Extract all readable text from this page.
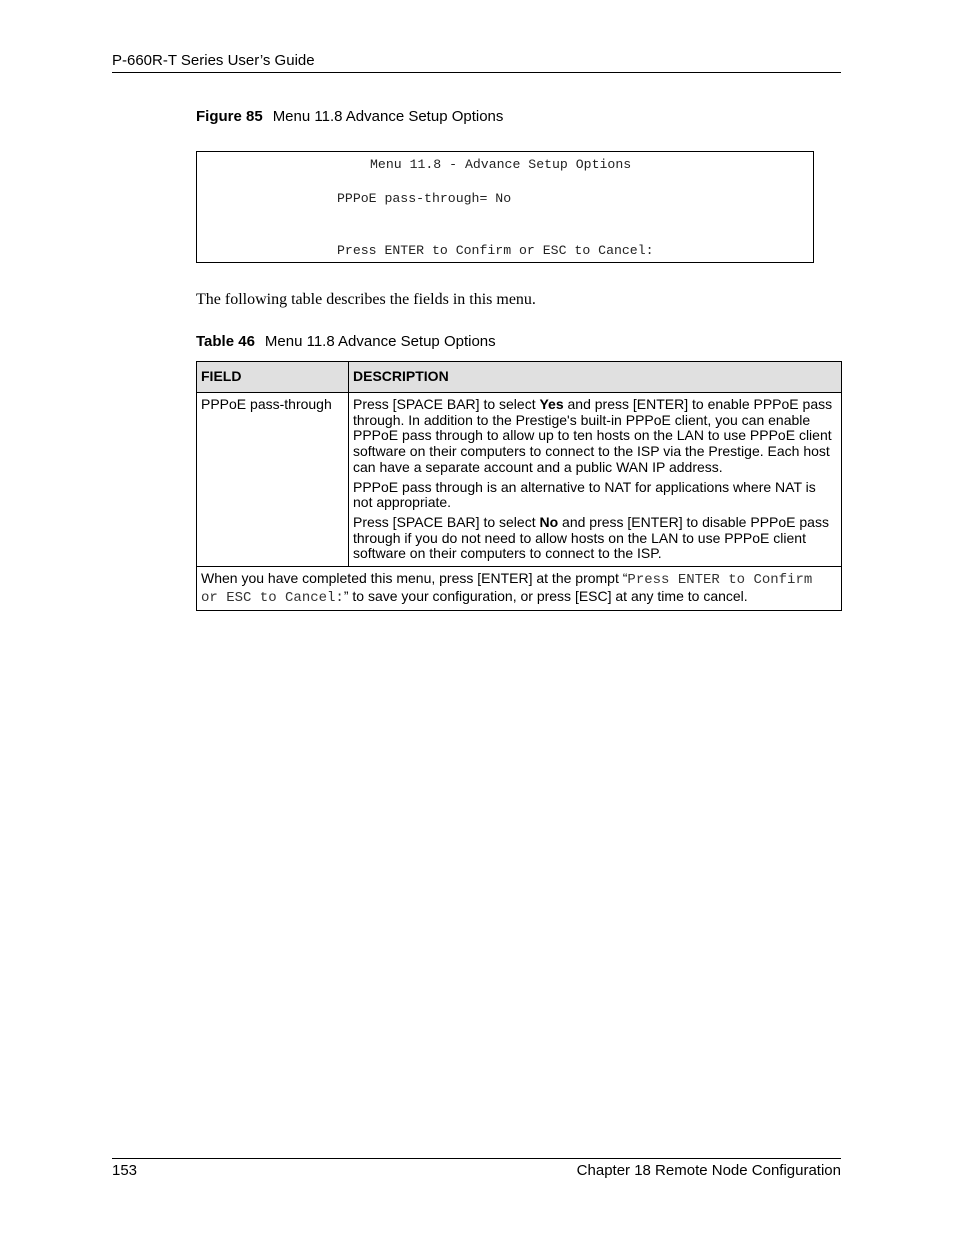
P-660R-T Series User’s Guide
Figure 85 Menu 11.8 Advance Setup Options
Menu 11.8 - Advance Setup Options
PPPoE pass-through= No
Press ENTER to Confirm or ESC to Cancel:
The following table describes the fields in this menu.
Table 46 Menu 11.8 Advance Setup Options
FIELD	DESCRIPTION
PPPoE pass-through	Press [SPACE BAR] to select Yes and press [ENTER] to enable PPPoE pass through. In addition to the Prestige's built-in PPPoE client, you can enable PPPoE pass through to allow up to ten hosts on the LAN to use PPPoE client software on their computers to connect to the ISP via the Prestige. Each host can have a separate account and a public WAN IP address.

PPPoE pass through is an alternative to NAT for applications where NAT is not appropriate.

Press [SPACE BAR] to select No and press [ENTER] to disable PPPoE pass through if you do not need to allow hosts on the LAN to use PPPoE client software on their computers to connect to the ISP.

When you have completed this menu, press [ENTER] at the prompt “Press ENTER to Confirm or ESC to Cancel:” to save your configuration, or press [ESC] at any time to cancel.	
153	Chapter 18 Remote Node Configuration
